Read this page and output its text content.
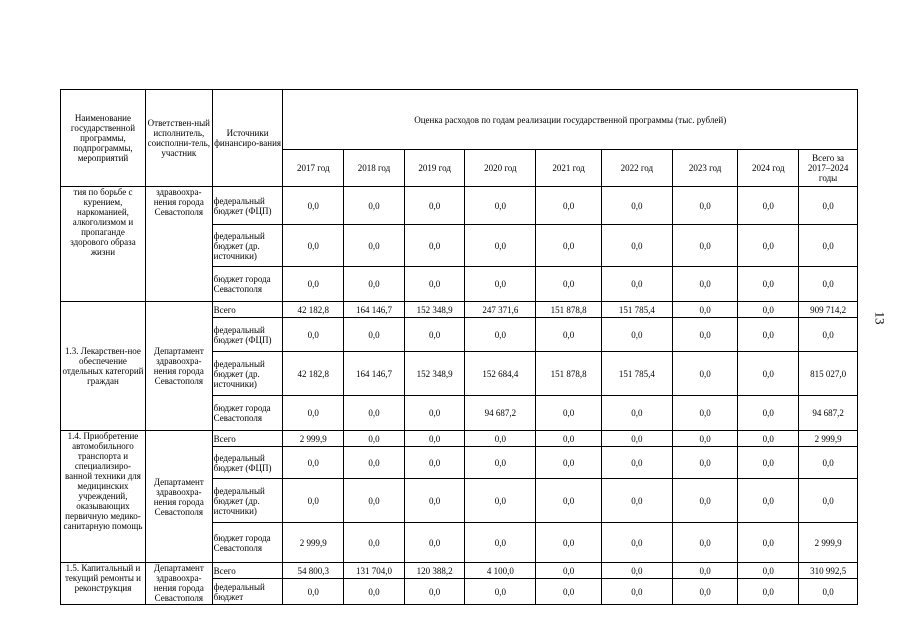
13
Наименование государственной программы, подпрограммы, мероприятий	Ответствен-ный исполнитель, соисполни-тель, участник	Источники финансиро-вания	Оценка расходов по годам реализации государственной программы (тыс. рублей)								
			2017 год	2018 год	2019 год	2020 год	2021 год	2022 год	2023 год	2024 год	Всего за 2017–2024 годы
тия по борьбе с курением, наркоманией, алкоголизмом и пропаганде здорового образа жизни	здравоохра-нения города Севастополя	федеральный бюджет (ФЦП)	0,0	0,0	0,0	0,0	0,0	0,0	0,0	0,0	0,0
		федеральный бюджет (др. источники)	0,0	0,0	0,0	0,0	0,0	0,0	0,0	0,0	0,0
		бюджет города Севастополя	0,0	0,0	0,0	0,0	0,0	0,0	0,0	0,0	0,0
1.3. Лекарствен-ное обеспечение отдельных категорий граждан	Департамент здравоохра-нения города Севастополя	Всего	42 182,8	164 146,7	152 348,9	247 371,6	151 878,8	151 785,4	0,0	0,0	909 714,2
		федеральный бюджет (ФЦП)	0,0	0,0	0,0	0,0	0,0	0,0	0,0	0,0	0,0
		федеральный бюджет (др. источники)	42 182,8	164 146,7	152 348,9	152 684,4	151 878,8	151 785,4	0,0	0,0	815 027,0
		бюджет города Севастополя	0,0	0,0	0,0	94 687,2	0,0	0,0	0,0	0,0	94 687,2
1.4. Приобретение автомобильного транспорта и специализиро-ванной техники для медицинских учреждений, оказывающих первичную медико-санитарную помощь	Департамент здравоохра-нения города Севастополя	Всего	2 999,9	0,0	0,0	0,0	0,0	0,0	0,0	0,0	2 999,9
		федеральный бюджет (ФЦП)	0,0	0,0	0,0	0,0	0,0	0,0	0,0	0,0	0,0
		федеральный бюджет (др. источники)	0,0	0,0	0,0	0,0	0,0	0,0	0,0	0,0	0,0
		бюджет города Севастополя	2 999,9	0,0	0,0	0,0	0,0	0,0	0,0	0,0	2 999,9
1.5. Капитальный и текущий ремонты и реконструкция	Департамент здравоохра-нения города Севастополя	Всего	54 800,3	131 704,0	120 388,2	4 100,0	0,0	0,0	0,0	0,0	310 992,5
		федеральный бюджет	0,0	0,0	0,0	0,0	0,0	0,0	0,0	0,0	0,0
